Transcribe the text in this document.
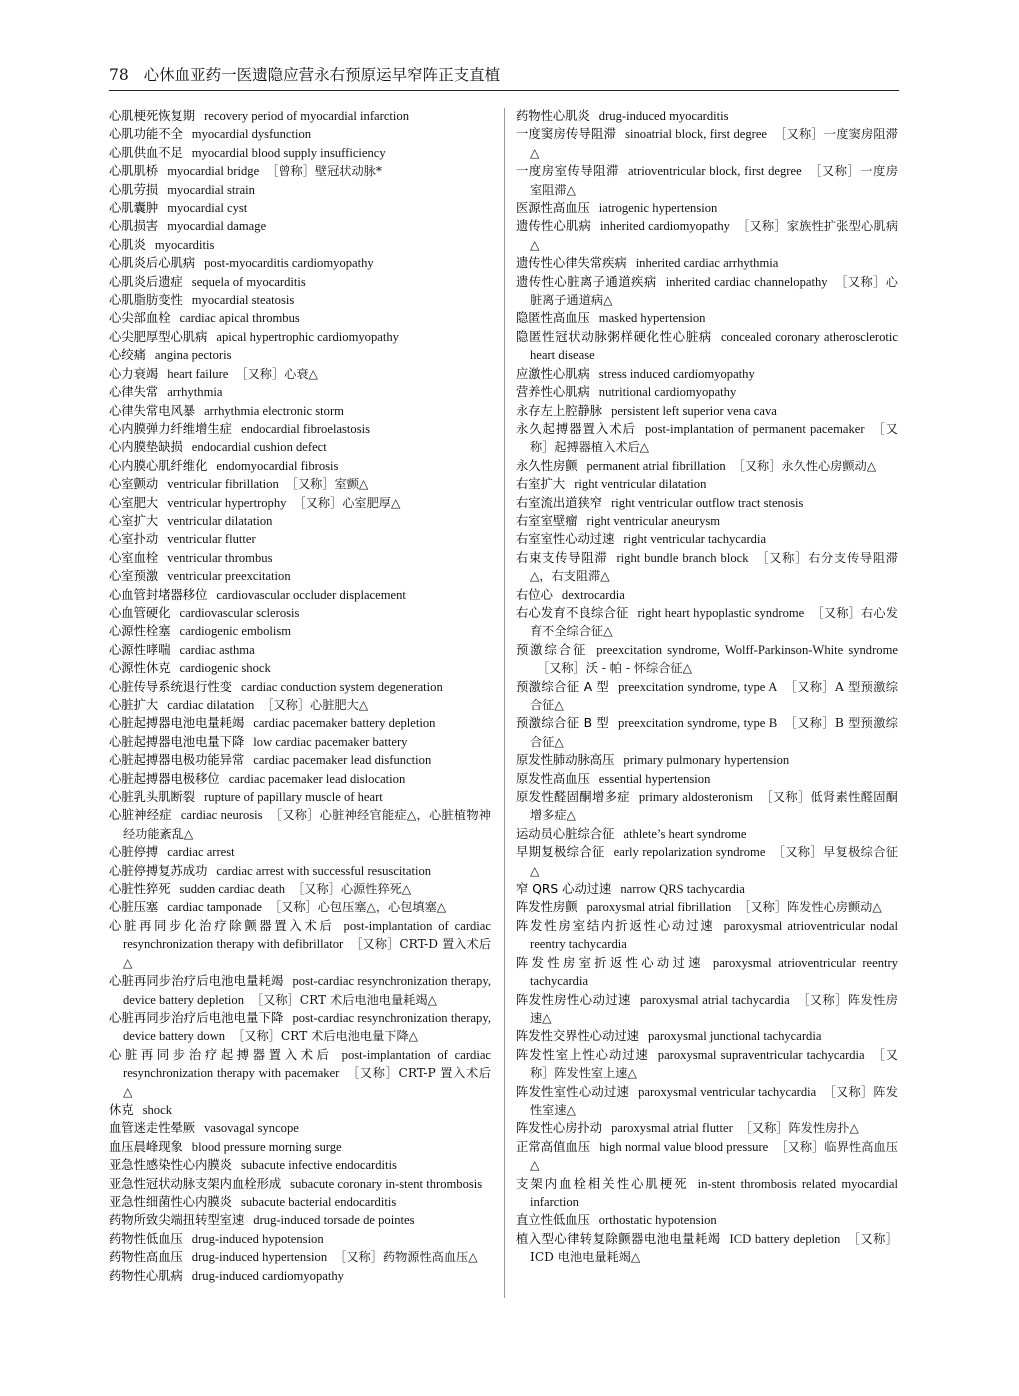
78 心休血亚药一医遗隐应营永右预原运早窄阵正支直植

心肌梗死恢复期 recovery period of myocardial infarction

心肌功能不全 myocardial dysfunction

心肌供血不足 myocardial blood supply insufficiency

心肌肌桥 myocardial bridge ［曾称］壁冠状动脉*

心肌劳损 myocardial strain

心肌囊肿 myocardial cyst

心肌损害 myocardial damage

心肌炎 myocarditis

心肌炎后心肌病 post-myocarditis cardiomyopathy

心肌炎后遗症 sequela of myocarditis

心肌脂肪变性 myocardial steatosis

心尖部血栓 cardiac apical thrombus

心尖肥厚型心肌病 apical hypertrophic cardiomyopathy

心绞痛 angina pectoris

心力衰竭 heart failure ［又称］心衰△

心律失常 arrhythmia

心律失常电风暴 arrhythmia electronic storm

心内膜弹力纤维增生症 endocardial fibroelastosis

心内膜垫缺损 endocardial cushion defect

心内膜心肌纤维化 endomyocardial fibrosis

心室颤动 ventricular fibrillation ［又称］室颤△

心室肥大 ventricular hypertrophy ［又称］心室肥厚△

心室扩大 ventricular dilatation

心室扑动 ventricular flutter

心室血栓 ventricular thrombus

心室预激 ventricular preexcitation

心血管封堵器移位 cardiovascular occluder displacement

心血管硬化 cardiovascular sclerosis

心源性栓塞 cardiogenic embolism

心源性哮喘 cardiac asthma

心源性休克 cardiogenic shock

心脏传导系统退行性变 cardiac conduction system degeneration

心脏扩大 cardiac dilatation ［又称］心脏肥大△

心脏起搏器电池电量耗竭 cardiac pacemaker battery depletion

心脏起搏器电池电量下降 low cardiac pacemaker battery

心脏起搏器电极功能异常 cardiac pacemaker lead disfunction

心脏起搏器电极移位 cardiac pacemaker lead dislocation

心脏乳头肌断裂 rupture of papillary muscle of heart

心脏神经症 cardiac neurosis ［又称］心脏神经官能症△，心脏植物神经功能紊乱△

心脏停搏 cardiac arrest

心脏停搏复苏成功 cardiac arrest with successful resuscitation

心脏性猝死 sudden cardiac death ［又称］心源性猝死△

心脏压塞 cardiac tamponade ［又称］心包压塞△，心包填塞△

心脏再同步化治疗除颤器置入术后 post-implantation of cardiac resynchronization therapy with defibrillator ［又称］CRT-D 置入术后△

心脏再同步治疗后电池电量耗竭 post-cardiac resynchronization therapy, device battery depletion ［又称］CRT 术后电池电量耗竭△

心脏再同步治疗后电池电量下降 post-cardiac resynchronization therapy, device battery down ［又称］CRT 术后电池电量下降△

心脏再同步治疗起搏器置入术后 post-implantation of cardiac resynchronization therapy with pacemaker ［又称］CRT-P 置入术后△

休克 shock

血管迷走性晕厥 vasovagal syncope

血压晨峰现象 blood pressure morning surge

亚急性感染性心内膜炎 subacute infective endocarditis

亚急性冠状动脉支架内血栓形成 subacute coronary in-stent thrombosis

亚急性细菌性心内膜炎 subacute bacterial endocarditis

药物所致尖端扭转型室速 drug-induced torsade de pointes

药物性低血压 drug-induced hypotension

药物性高血压 drug-induced hypertension ［又称］药物源性高血压△

药物性心肌病 drug-induced cardiomyopathy

药物性心肌炎 drug-induced myocarditis

一度窦房传导阻滞 sinoatrial block, first degree ［又称］一度窦房阻滞△

一度房室传导阻滞 atrioventricular block, first degree ［又称］一度房室阻滞△

医源性高血压 iatrogenic hypertension

遗传性心肌病 inherited cardiomyopathy ［又称］家族性扩张型心肌病△

遗传性心律失常疾病 inherited cardiac arrhythmia

遗传性心脏离子通道疾病 inherited cardiac channelopathy ［又称］心脏离子通道病△

隐匿性高血压 masked hypertension

隐匿性冠状动脉粥样硬化性心脏病 concealed coronary atherosclerotic heart disease

应激性心肌病 stress induced cardiomyopathy

营养性心肌病 nutritional cardiomyopathy

永存左上腔静脉 persistent left superior vena cava

永久起搏器置入术后 post-implantation of permanent pacemaker ［又称］起搏器植入术后△

永久性房颤 permanent atrial fibrillation ［又称］永久性心房颤动△

右室扩大 right ventricular dilatation

右室流出道狭窄 right ventricular outflow tract stenosis

右室室壁瘤 right ventricular aneurysm

右室室性心动过速 right ventricular tachycardia

右束支传导阻滞 right bundle branch block ［又称］右分支传导阻滞△，右支阻滞△

右位心 dextrocardia

右心发育不良综合征 right heart hypoplastic syndrome ［又称］右心发育不全综合征△

预激综合征 preexcitation syndrome, Wolff-Parkinson-White syndrome［又称］沃 - 帕 - 怀综合征△

预激综合征 A 型 preexcitation syndrome, type A ［又称］A 型预激综合征△

预激综合征 B 型 preexcitation syndrome, type B ［又称］B 型预激综合征△

原发性肺动脉高压 primary pulmonary hypertension

原发性高血压 essential hypertension

原发性醛固酮增多症 primary aldosteronism ［又称］低肾素性醛固酮增多症△

运动员心脏综合征 athlete’s heart syndrome

早期复极综合征 early repolarization syndrome ［又称］早复极综合征△

窄 QRS 心动过速 narrow QRS tachycardia

阵发性房颤 paroxysmal atrial fibrillation ［又称］阵发性心房颤动△

阵发性房室结内折返性心动过速 paroxysmal atrioventricular nodal reentry tachycardia

阵发性房室折返性心动过速 paroxysmal atrioventricular reentry tachycardia

阵发性房性心动过速 paroxysmal atrial tachycardia ［又称］阵发性房速△

阵发性交界性心动过速 paroxysmal junctional tachycardia

阵发性室上性心动过速 paroxysmal supraventricular tachycardia ［又称］阵发性室上速△

阵发性室性心动过速 paroxysmal ventricular tachycardia ［又称］阵发性室速△

阵发性心房扑动 paroxysmal atrial flutter ［又称］阵发性房扑△

正常高值血压 high normal value blood pressure ［又称］临界性高血压△

支架内血栓相关性心肌梗死 in-stent thrombosis related myocardial infarction

直立性低血压 orthostatic hypotension

植入型心律转复除颤器电池电量耗竭 ICD battery depletion ［又称］ICD 电池电量耗竭△
